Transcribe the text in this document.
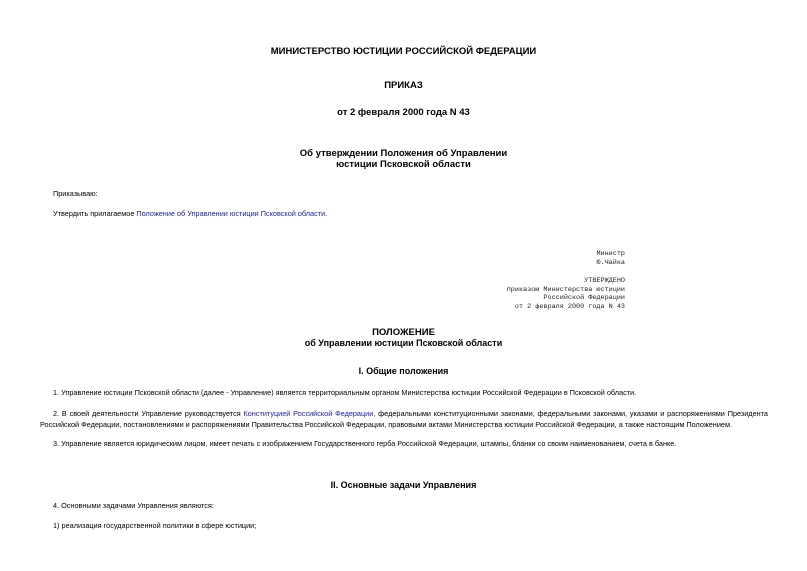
МИНИСТЕРСТВО ЮСТИЦИИ РОССИЙСКОЙ ФЕДЕРАЦИИ
ПРИКАЗ
от 2 февраля 2000 года N 43
Об утверждении Положения об Управлении
юстиции Псковской области
Приказываю:
Утвердить прилагаемое Положение об Управлении юстиции Псковской области.
Министр
Ю.Чайка
УТВЕРЖДЕНО
приказом Министерства юстиции
Российской Федерации
от 2 февраля 2000 года N 43
ПОЛОЖЕНИЕ
об Управлении юстиции Псковской области
I. Общие положения
1. Управление юстиции Псковской области (далее - Управление) является территориальным органом Министерства юстиции Российской Федерации в Псковской области.
2. В своей деятельности Управление руководствуется Конституцией Российской Федерации, федеральными конституционными законами, федеральными законами, указами и распоряжениями Президента Российской Федерации, постановлениями и распоряжениями Правительства Российской Федерации, правовыми актами Министерства юстиции Российской Федерации, а также настоящим Положением.
3. Управление является юридическим лицом, имеет печать с изображением Государственного герба Российской Федерации, штампы, бланки со своим наименованием, счета в банке.
II. Основные задачи Управления
4. Основными задачами Управления являются:
1) реализация государственной политики в сфере юстиции;
